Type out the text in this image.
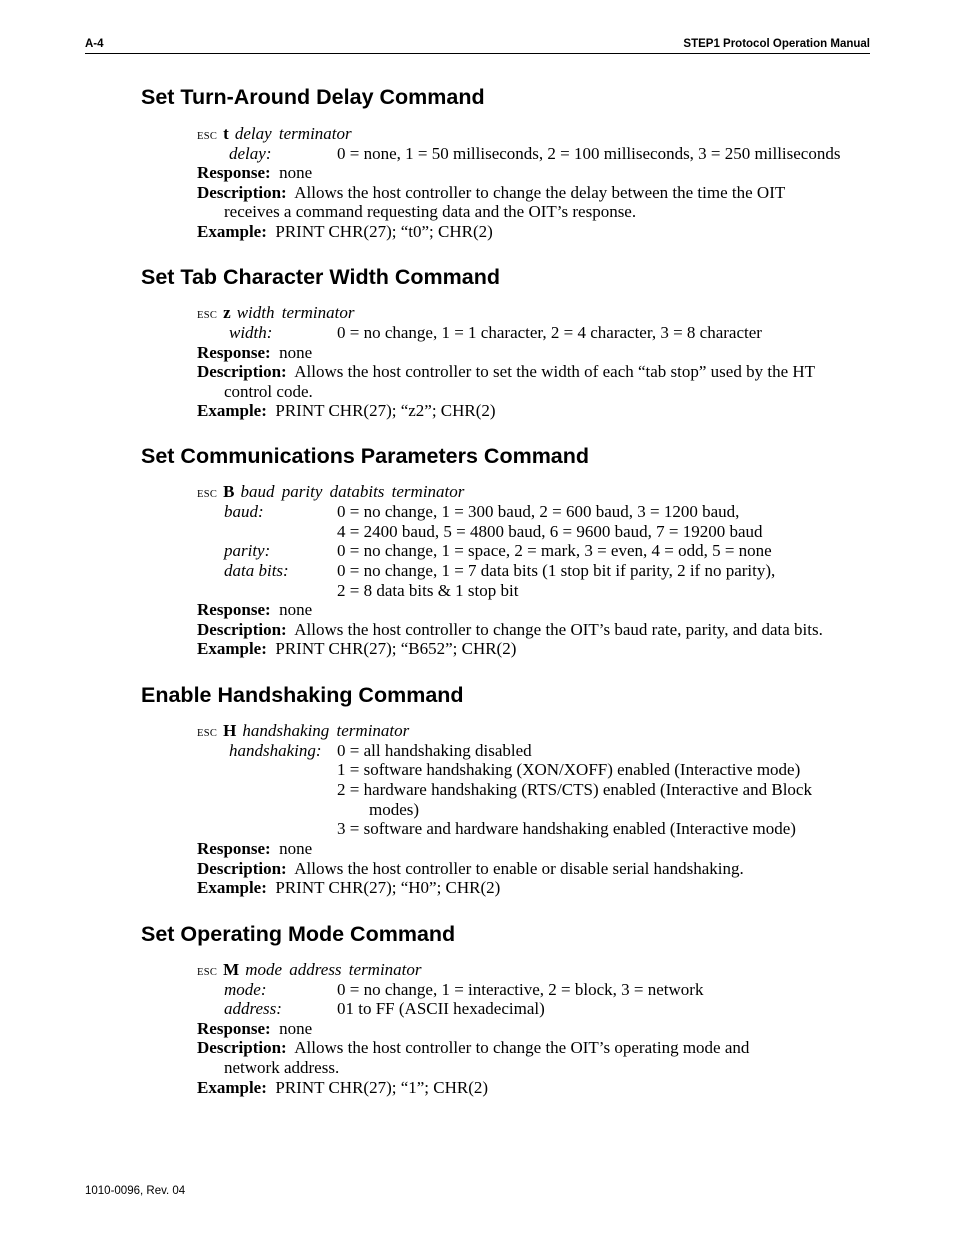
A-4	STEP1 Protocol Operation Manual
Set Turn-Around Delay Command
ESC t delay terminator
delay:	0 = none, 1 = 50 milliseconds, 2 = 100 milliseconds, 3 = 250 milliseconds
Response: none
Description: Allows the host controller to change the delay between the time the OIT
receives a command requesting data and the OIT’s response.
Example: PRINT CHR(27); “t0”; CHR(2)
Set Tab Character Width Command
ESC z width terminator
width:	0 = no change, 1 = 1 character, 2 = 4 character, 3 = 8 character
Response: none
Description: Allows the host controller to set the width of each “tab stop” used by the HT
control code.
Example: PRINT CHR(27); “z2”; CHR(2)
Set Communications Parameters Command
ESC B baud parity databits terminator
baud:	0 = no change, 1 = 300 baud, 2 = 600 baud, 3 = 1200 baud,
4 = 2400 baud, 5 = 4800 baud, 6 = 9600 baud, 7 = 19200 baud
parity:	0 = no change, 1 = space, 2 = mark, 3 = even, 4 = odd, 5 = none
data bits:	0 = no change, 1 = 7 data bits (1 stop bit if parity, 2 if no parity),
2 = 8 data bits & 1 stop bit
Response: none
Description: Allows the host controller to change the OIT’s baud rate, parity, and data bits.
Example: PRINT CHR(27); “B652”; CHR(2)
Enable Handshaking Command
ESC H handshaking terminator
handshaking: 0 = all handshaking disabled
1 = software handshaking (XON/XOFF) enabled (Interactive mode)
2 = hardware handshaking (RTS/CTS) enabled (Interactive and Block
modes)
3 = software and hardware handshaking enabled (Interactive mode)
Response: none
Description: Allows the host controller to enable or disable serial handshaking.
Example: PRINT CHR(27); “H0”; CHR(2)
Set Operating Mode Command
ESC M mode address terminator
mode:	0 = no change, 1 = interactive, 2 = block, 3 = network
address:	01 to FF (ASCII hexadecimal)
Response: none
Description: Allows the host controller to change the OIT’s operating mode and
network address.
Example: PRINT CHR(27); “1”; CHR(2)
1010-0096, Rev. 04
